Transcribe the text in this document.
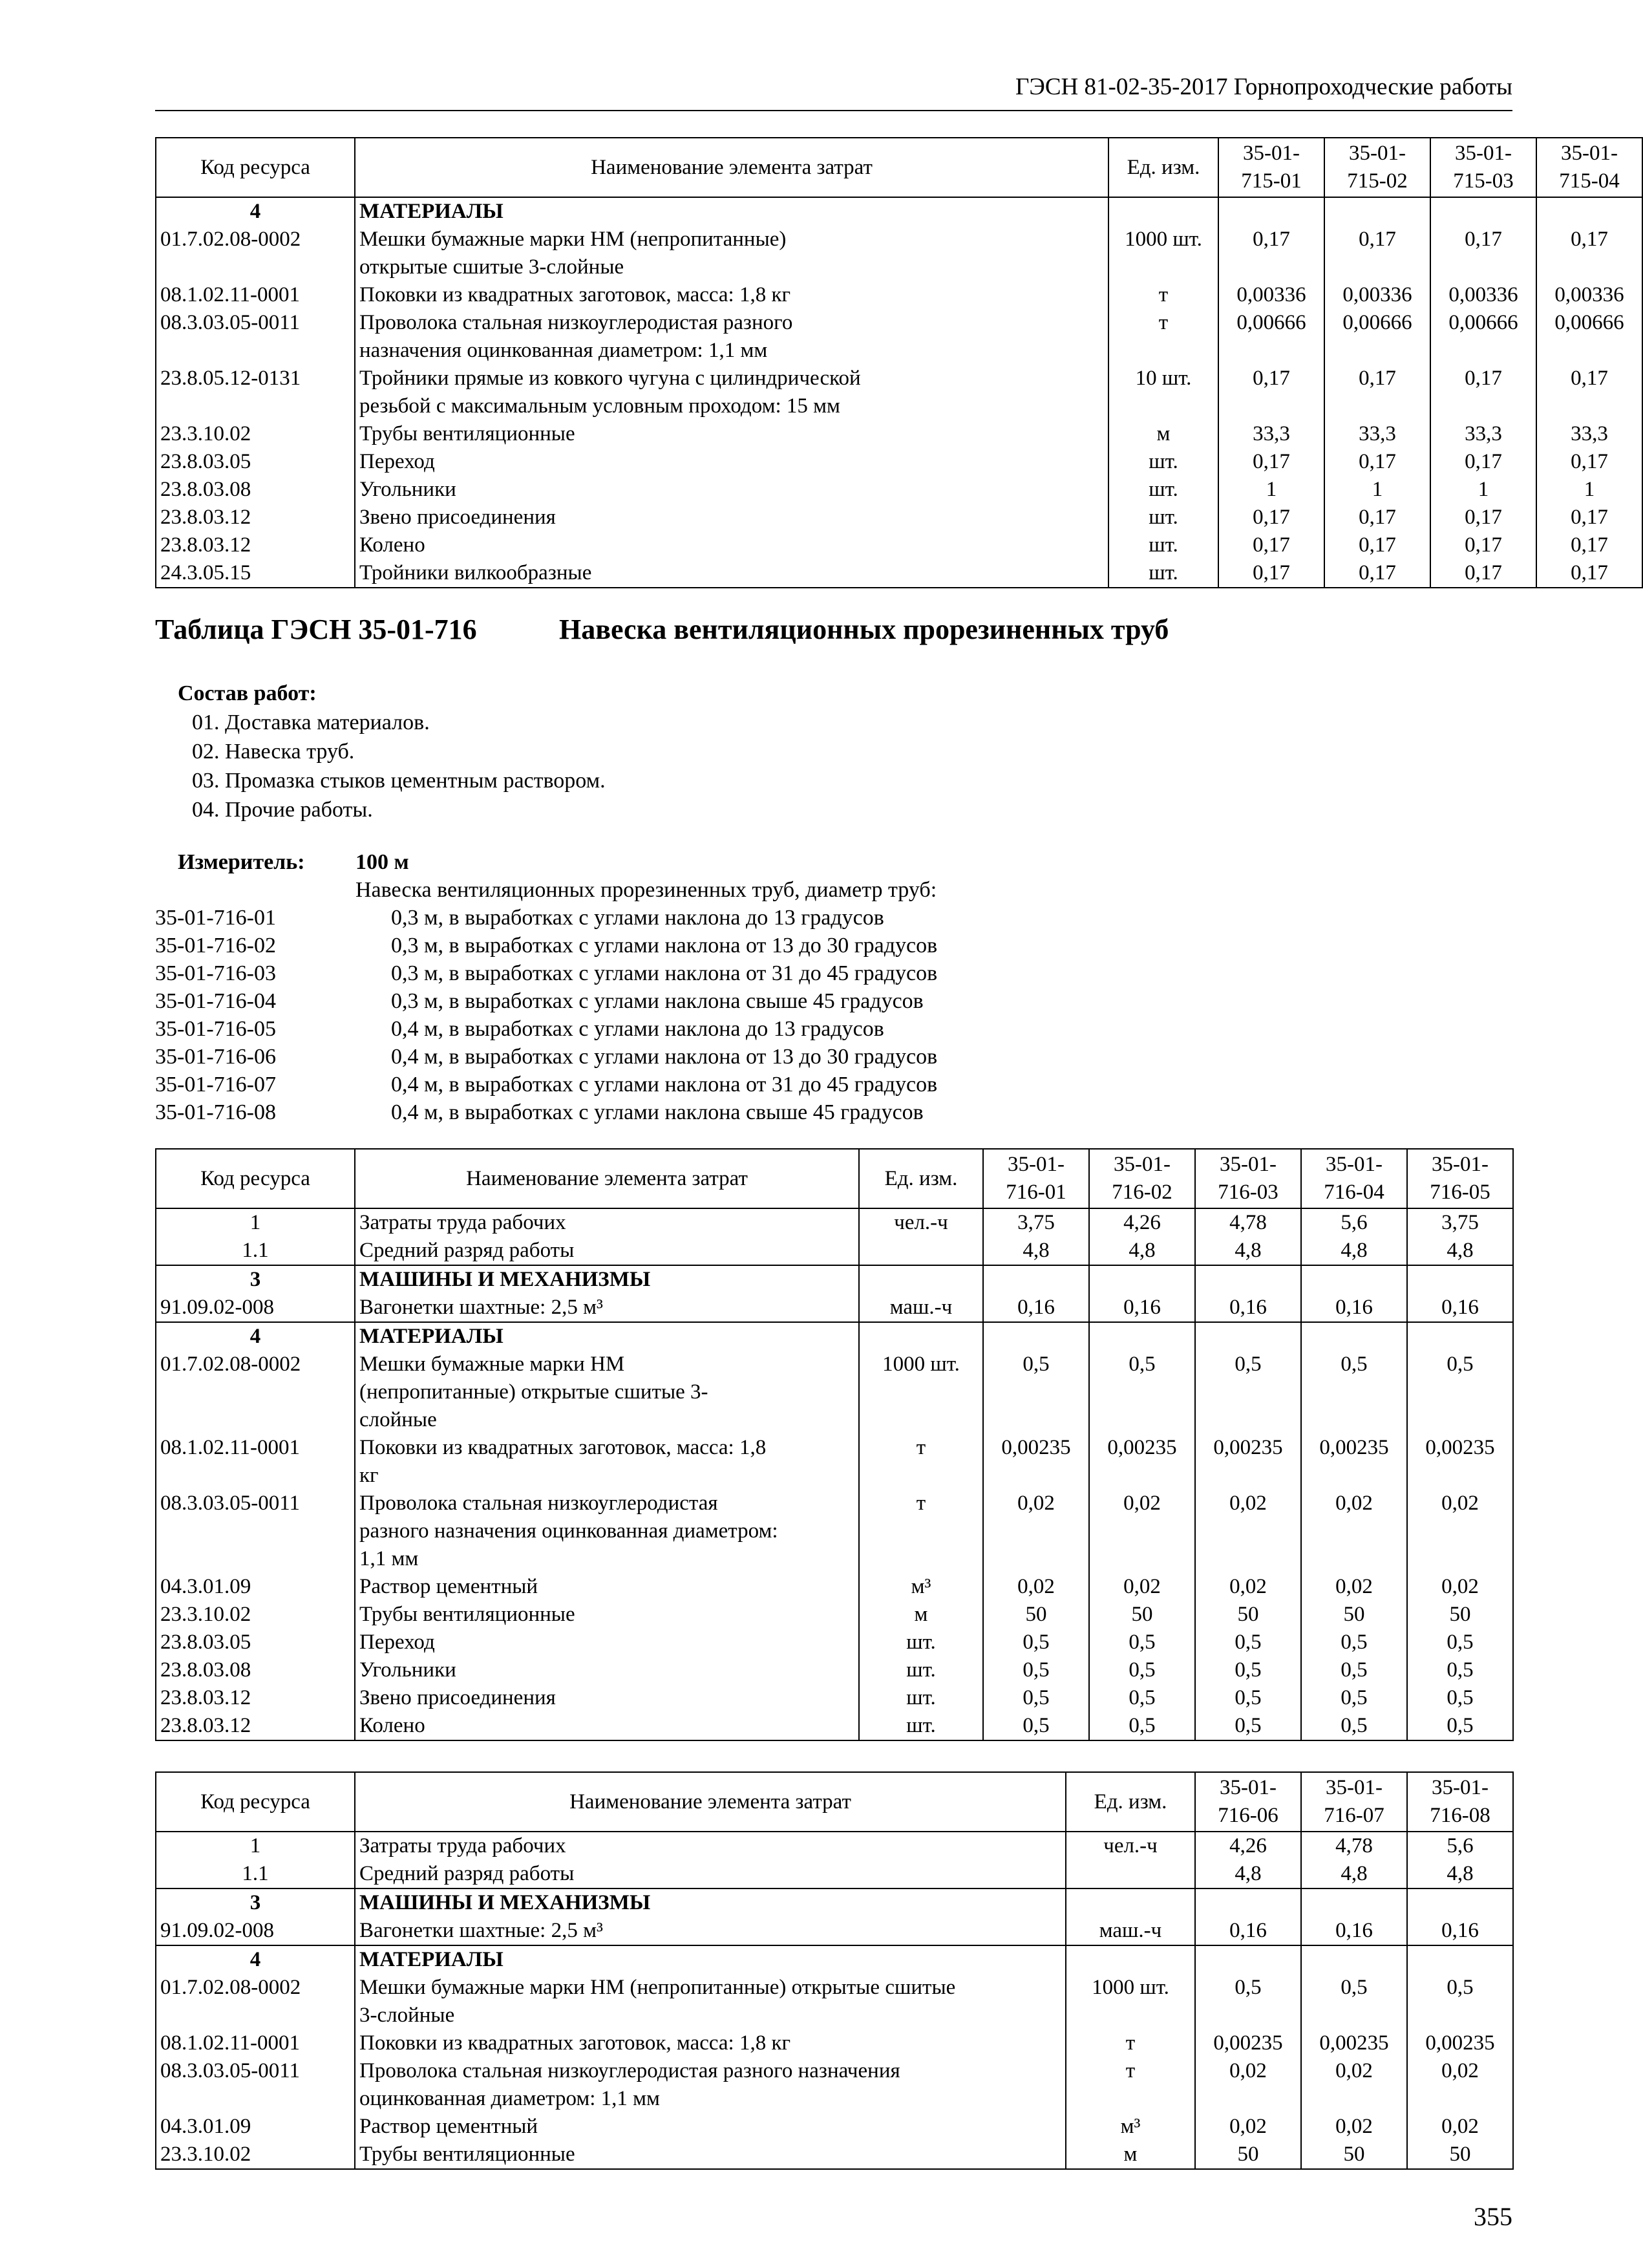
ГЭСН 81-02-35-2017 Горнопроходческие работы
Код ресурса	Наименование элемента затрат	Ед. изм.	35-01-
715-01	35-01-
715-02	35-01-
715-03	35-01-
715-04
4	МАТЕРИАЛЫ					
01.7.02.08-0002	Мешки бумажные марки НМ (непропитанные)
открытые сшитые 3-слойные	1000 шт.	0,17	0,17	0,17	0,17
08.1.02.11-0001	Поковки из квадратных заготовок, масса: 1,8 кг	т	0,00336	0,00336	0,00336	0,00336
08.3.03.05-0011	Проволока стальная низкоуглеродистая разного
назначения оцинкованная диаметром: 1,1 мм	т	0,00666	0,00666	0,00666	0,00666
23.8.05.12-0131	Тройники прямые из ковкого чугуна с цилиндрической
резьбой с максимальным условным проходом: 15 мм	10 шт.	0,17	0,17	0,17	0,17
23.3.10.02	Трубы вентиляционные	м	33,3	33,3	33,3	33,3
23.8.03.05	Переход	шт.	0,17	0,17	0,17	0,17
23.8.03.08	Угольники	шт.	1	1	1	1
23.8.03.12	Звено присоединения	шт.	0,17	0,17	0,17	0,17
23.8.03.12	Колено	шт.	0,17	0,17	0,17	0,17
24.3.05.15	Тройники вилкообразные	шт.	0,17	0,17	0,17	0,17
Таблица ГЭСН 35-01-716	Навеска вентиляционных прорезиненных труб
Состав работ:
01. Доставка материалов.
02. Навеска труб.
03. Промазка стыков цементным раствором.
04. Прочие работы.
Измеритель:	100 м
Навеска вентиляционных прорезиненных труб, диаметр труб:
35-01-716-01	0,3 м, в выработках с углами наклона до 13 градусов
35-01-716-02	0,3 м, в выработках с углами наклона от 13 до 30 градусов
35-01-716-03	0,3 м, в выработках с углами наклона от 31 до 45 градусов
35-01-716-04	0,3 м, в выработках с углами наклона свыше 45 градусов
35-01-716-05	0,4 м, в выработках с углами наклона до 13 градусов
35-01-716-06	0,4 м, в выработках с углами наклона от 13 до 30 градусов
35-01-716-07	0,4 м, в выработках с углами наклона от 31 до 45 градусов
35-01-716-08	0,4 м, в выработках с углами наклона свыше 45 градусов
Код ресурса	Наименование элемента затрат	Ед. изм.	35-01-
716-01	35-01-
716-02	35-01-
716-03	35-01-
716-04	35-01-
716-05
1	Затраты труда рабочих	чел.-ч	3,75	4,26	4,78	5,6	3,75
1.1	Средний разряд работы		4,8	4,8	4,8	4,8	4,8
3	МАШИНЫ И МЕХАНИЗМЫ						

91.09.02-008	Вагонетки шахтные: 2,5 м³	маш.-ч	0,16	0,16	0,16	0,16	0,16
4	МАТЕРИАЛЫ						

01.7.02.08-0002	Мешки бумажные марки НМ
(непропитанные) открытые сшитые 3-
слойные	1000 шт.	0,5	0,5	0,5	0,5	0,5
08.1.02.11-0001	Поковки из квадратных заготовок, масса: 1,8
кг	т	0,00235	0,00235	0,00235	0,00235	0,00235
08.3.03.05-0011	Проволока стальная низкоуглеродистая
разного назначения оцинкованная диаметром:
1,1 мм	т	0,02	0,02	0,02	0,02	0,02
04.3.01.09	Раствор цементный	м³	0,02	0,02	0,02	0,02	0,02
23.3.10.02	Трубы вентиляционные	м	50	50	50	50	50
23.8.03.05	Переход	шт.	0,5	0,5	0,5	0,5	0,5
23.8.03.08	Угольники	шт.	0,5	0,5	0,5	0,5	0,5
23.8.03.12	Звено присоединения	шт.	0,5	0,5	0,5	0,5	0,5
23.8.03.12	Колено	шт.	0,5	0,5	0,5	0,5	0,5
Код ресурса	Наименование элемента затрат	Ед. изм.	35-01-
716-06	35-01-
716-07	35-01-
716-08
1	Затраты труда рабочих	чел.-ч	4,26	4,78	5,6
1.1	Средний разряд работы		4,8	4,8	4,8
3	МАШИНЫ И МЕХАНИЗМЫ				

91.09.02-008	Вагонетки шахтные: 2,5 м³	маш.-ч	0,16	0,16	0,16
4	МАТЕРИАЛЫ				

01.7.02.08-0002	Мешки бумажные марки НМ (непропитанные) открытые сшитые
3-слойные	1000 шт.	0,5	0,5	0,5
08.1.02.11-0001	Поковки из квадратных заготовок, масса: 1,8 кг	т	0,00235	0,00235	0,00235
08.3.03.05-0011	Проволока стальная низкоуглеродистая разного назначения
оцинкованная диаметром: 1,1 мм	т	0,02	0,02	0,02
04.3.01.09	Раствор цементный	м³	0,02	0,02	0,02
23.3.10.02	Трубы вентиляционные	м	50	50	50
355
